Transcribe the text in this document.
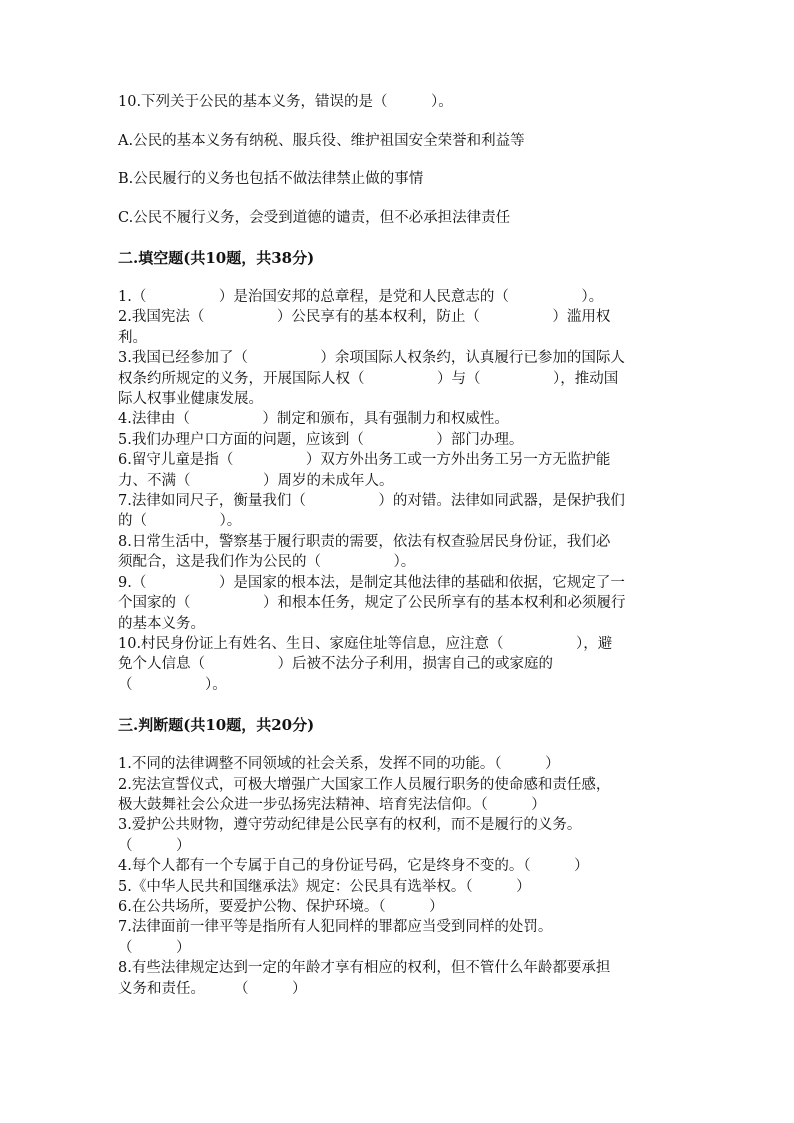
10.下列关于公民的基本义务，错误的是（　　　）。
A.公民的基本义务有纳税、服兵役、维护祖国安全荣誉和利益等
B.公民履行的义务也包括不做法律禁止做的事情
C.公民不履行义务，会受到道德的谴责，但不必承担法律责任
二.填空题(共10题，共38分)
1.（　　　　　）是治国安邦的总章程，是党和人民意志的（　　　　　）。
2.我国宪法（　　　　　）公民享有的基本权利，防止（　　　　　）滥用权
利。
3.我国已经参加了（　　　　　）余项国际人权条约，认真履行已参加的国际人
权条约所规定的义务，开展国际人权（　　　　　）与（　　　　　），推动国
际人权事业健康发展。
4.法律由（　　　　　）制定和颁布，具有强制力和权威性。
5.我们办理户口方面的问题，应该到（　　　　　）部门办理。
6.留守儿童是指（　　　　　）双方外出务工或一方外出务工另一方无监护能
力、不满（　　　　　）周岁的未成年人。
7.法律如同尺子，衡量我们（　　　　　）的对错。法律如同武器，是保护我们
的（　　　　　）。
8.日常生活中，警察基于履行职责的需要，依法有权查验居民身份证，我们必
须配合，这是我们作为公民的（　　　　　）。
9.（　　　　　）是国家的根本法，是制定其他法律的基础和依据，它规定了一
个国家的（　　　　　）和根本任务，规定了公民所享有的基本权利和必须履行
的基本义务。
10.村民身份证上有姓名、生日、家庭住址等信息，应注意（　　　　　），避
免个人信息（　　　　　）后被不法分子利用，损害自己的或家庭的
（　　　　　）。
三.判断题(共10题，共20分)
1.不同的法律调整不同领域的社会关系，发挥不同的功能。（　　　）
2.宪法宣誓仪式，可极大增强广大国家工作人员履行职务的使命感和责任感，
极大鼓舞社会公众进一步弘扬宪法精神、培育宪法信仰。（　　　）
3.爱护公共财物，遵守劳动纪律是公民享有的权利，而不是履行的义务。
（　　　）
4.每个人都有一个专属于自己的身份证号码，它是终身不变的。（　　　）
5.《中华人民共和国继承法》规定：公民具有选举权。（　　　）
6.在公共场所，要爱护公物、保护环境。（　　　）
7.法律面前一律平等是指所有人犯同样的罪都应当受到同样的处罚。
（　　　）
8.有些法律规定达到一定的年龄才享有相应的权利，但不管什么年龄都要承担
义务和责任。　　　（　　　）
